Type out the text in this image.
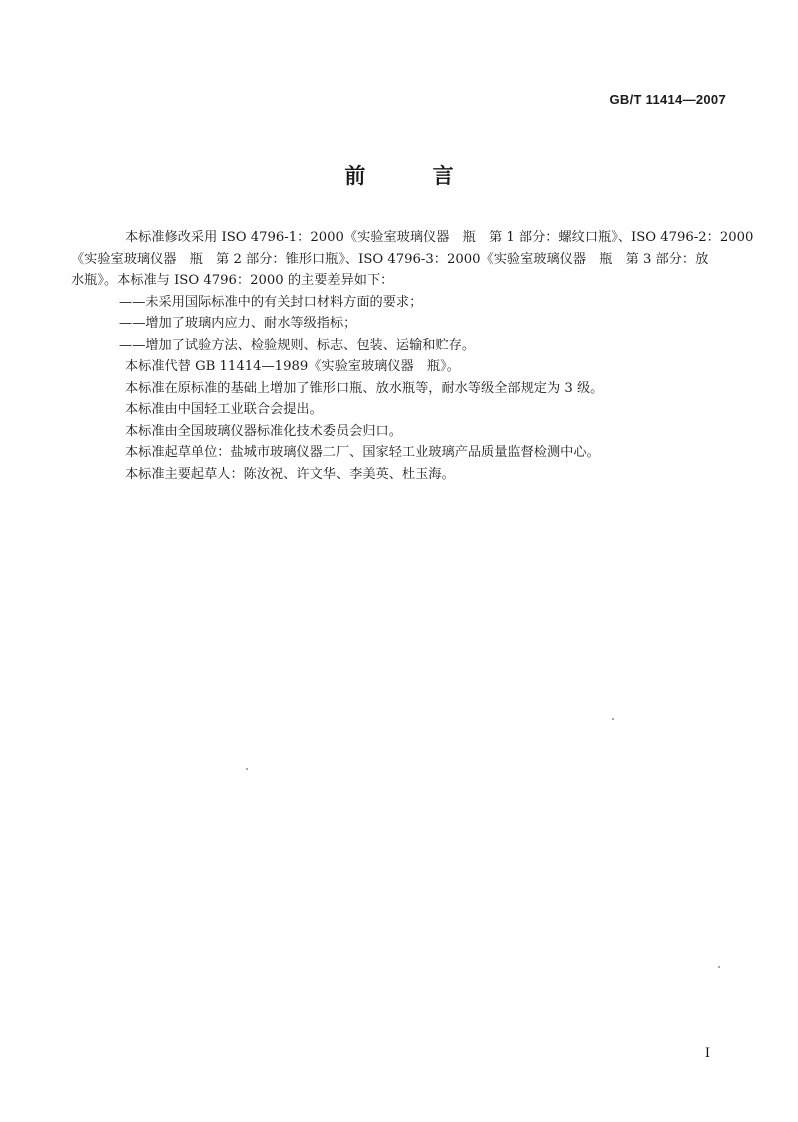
GB/T 11414—2007
前 言

本标准修改采用 ISO 4796-1：2000《实验室玻璃仪器　瓶　第 1 部分：螺纹口瓶》、ISO 4796-2：2000

《实验室玻璃仪器　瓶　第 2 部分：锥形口瓶》、ISO 4796-3：2000《实验室玻璃仪器　瓶　第 3 部分：放

水瓶》。本标准与 ISO 4796：2000 的主要差异如下：

——未采用国际标准中的有关封口材料方面的要求；

——增加了玻璃内应力、耐水等级指标；

——增加了试验方法、检验规则、标志、包装、运输和贮存。

本标准代替 GB 11414—1989《实验室玻璃仪器　瓶》。

本标准在原标准的基础上增加了锥形口瓶、放水瓶等，耐水等级全部规定为 3 级。

本标准由中国轻工业联合会提出。

本标准由全国玻璃仪器标准化技术委员会归口。

本标准起草单位：盐城市玻璃仪器二厂、国家轻工业玻璃产品质量监督检测中心。

本标准主要起草人：陈汝祝、许文华、李美英、杜玉海。

I
